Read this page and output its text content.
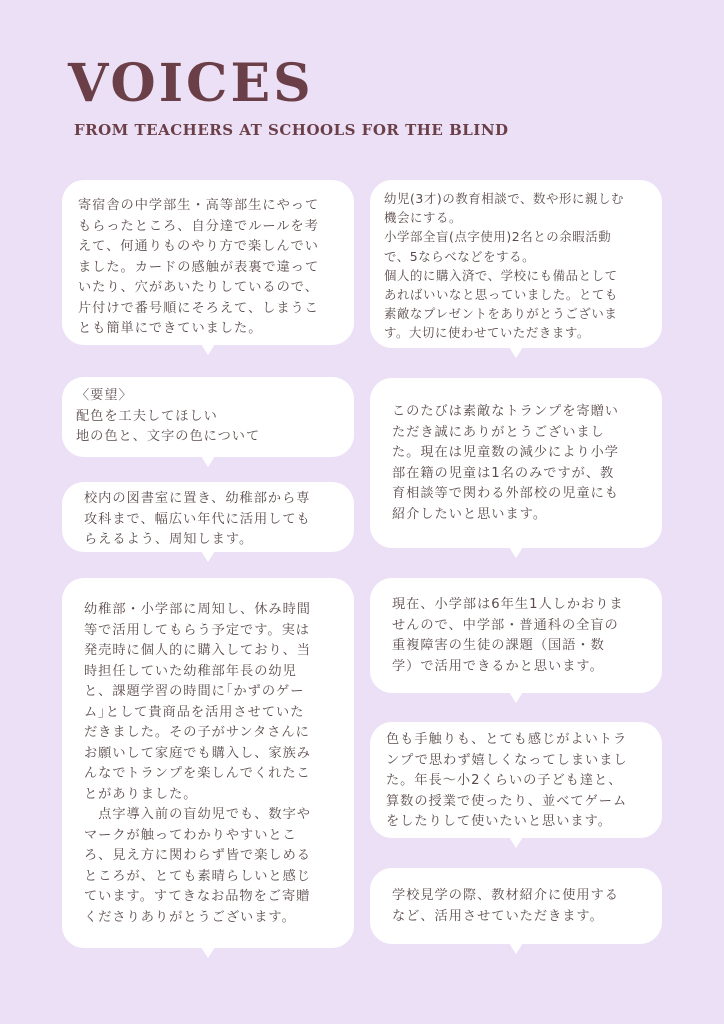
VOICES
FROM TEACHERS AT SCHOOLS FOR THE BLIND

寄宿舎の中学部生・高等部生にやって
もらったところ、自分達でルールを考
えて、何通りものやり方で楽しんでい
ました。カードの感触が表裏で違って
いたり、穴があいたりしているので、
片付けで番号順にそろえて、しまうこ
とも簡単にできていました。

幼児(3才)の教育相談で、数や形に親しむ
機会にする。
小学部全盲(点字使用)2名との余暇活動
で、5ならべなどをする。
個人的に購入済で、学校にも備品として
あればいいなと思っていました。とても
素敵なプレゼントをありがとうございま
す。大切に使わせていただきます。

〈要望〉
配色を工夫してほしい
地の色と、文字の色について

このたびは素敵なトランプを寄贈い
ただき誠にありがとうございまし
た。現在は児童数の減少により小学
部在籍の児童は1名のみですが、教
育相談等で関わる外部校の児童にも
紹介したいと思います。

校内の図書室に置き、幼稚部から専
攻科まで、幅広い年代に活用しても
らえるよう、周知します。

現在、小学部は6年生1人しかおりま
せんので、中学部・普通科の全盲の
重複障害の生徒の課題（国語・数
学）で活用できるかと思います。

幼稚部・小学部に周知し、休み時間
等で活用してもらう予定です。実は
発売時に個人的に購入しており、当
時担任していた幼稚部年長の幼児
と、課題学習の時間に｢かずのゲー
ム｣として貴商品を活用させていた
だきました。その子がサンタさんに
お願いして家庭でも購入し、家族み
んなでトランプを楽しんでくれたこ
とがありました。
　点字導入前の盲幼児でも、数字や
マークが触ってわかりやすいとこ
ろ、見え方に関わらず皆で楽しめる
ところが、とても素晴らしいと感じ
ています。すてきなお品物をご寄贈
くださりありがとうございます。

色も手触りも、とても感じがよいトラ
ンプで思わず嬉しくなってしまいまし
た。年長～小2くらいの子ども達と、
算数の授業で使ったり、並べてゲーム
をしたりして使いたいと思います。

学校見学の際、教材紹介に使用する
など、活用させていただきます。
